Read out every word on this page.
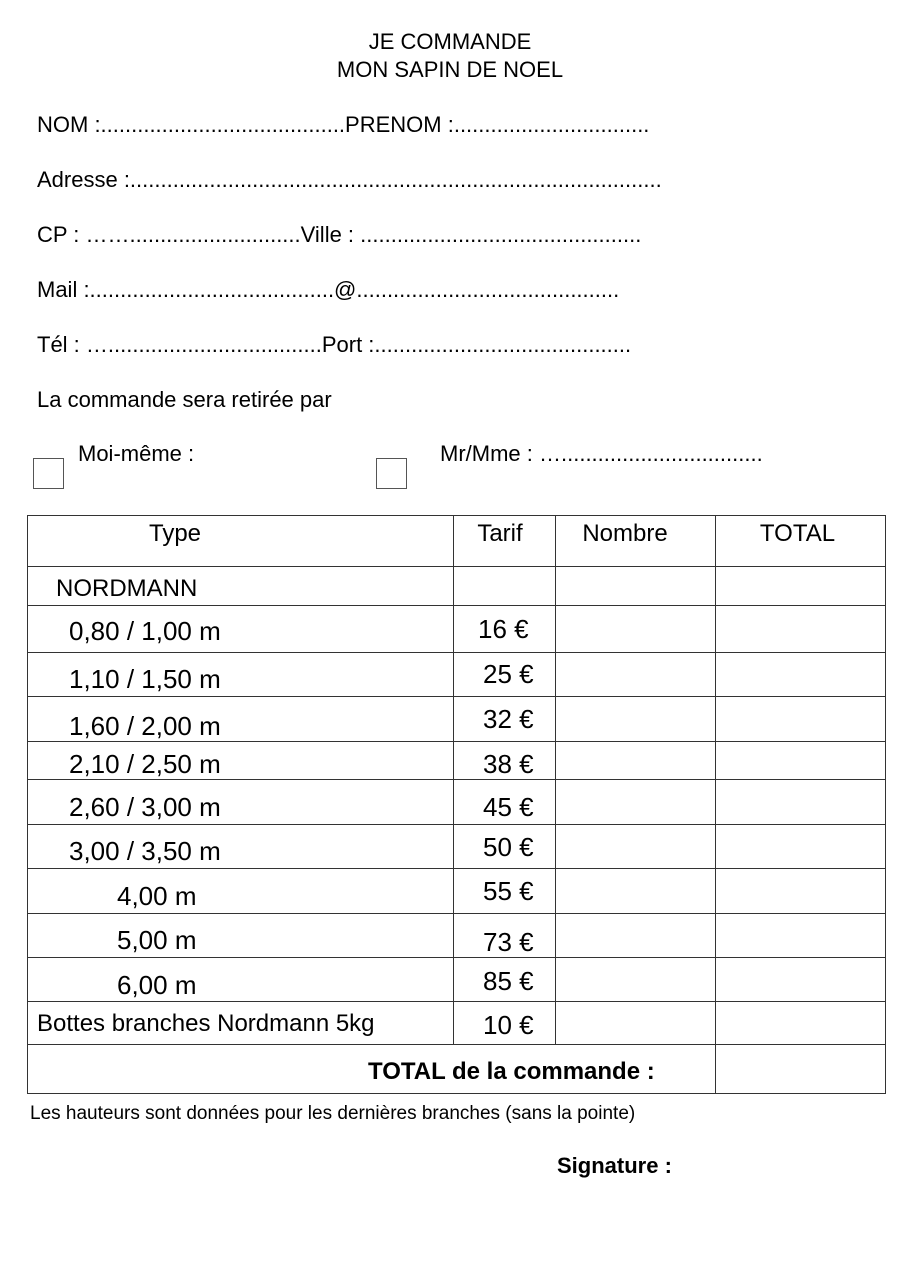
JE COMMANDE
MON SAPIN DE NOEL
NOM :........................................PRENOM :................................
Adresse :.......................................................................................
CP : ……............................Ville : ..............................................
Mail :........................................@...........................................
Tél : …...................................Port :..........................................
La commande sera retirée par
Moi-même :	Mr/Mme : ….................................
Type	Tarif	Nombre	TOTAL
NORDMANN
0,80 / 1,00 m	16 €
1,10 / 1,50 m	25 €
1,60 / 2,00 m	32 €
2,10 / 2,50 m	38 €
2,60 / 3,00 m	45 €
3,00 / 3,50 m	50 €
4,00 m	55 €
5,00 m	73 €
6,00 m	85 €
Bottes branches Nordmann 5kg	10 €
TOTAL de la commande :
Les hauteurs sont données pour les dernières branches (sans la pointe)
Signature :
